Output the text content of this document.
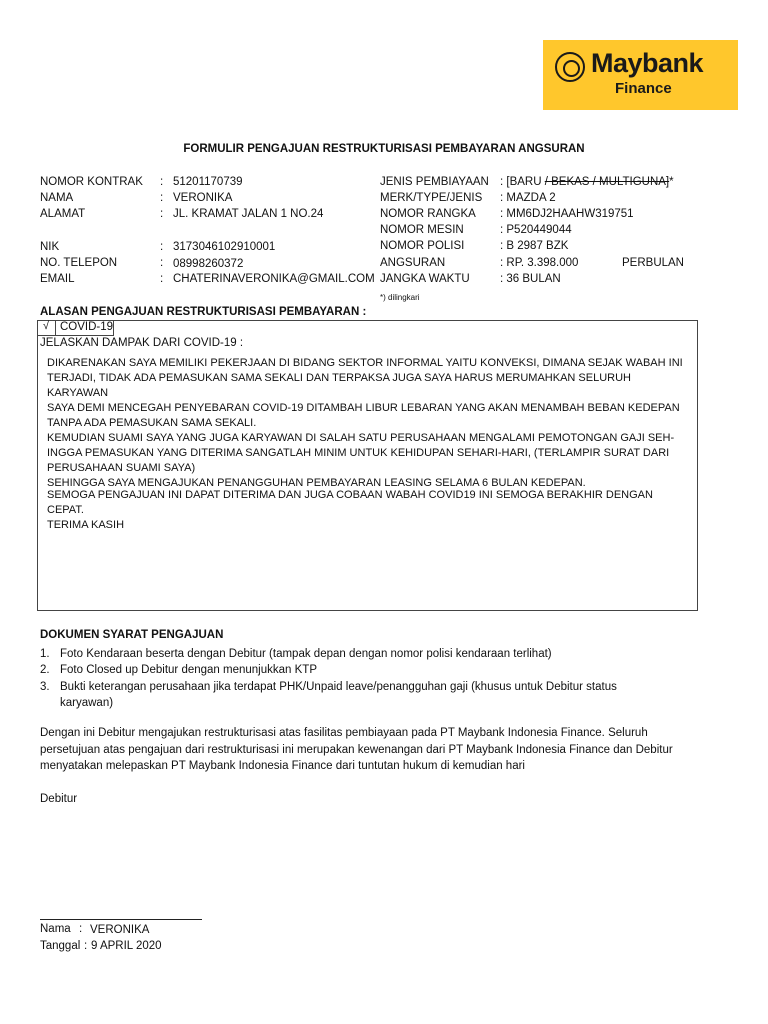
Maybank
Finance
FORMULIR PENGAJUAN RESTRUKTURISASI PEMBAYARAN ANGSURAN
NOMOR KONTRAK : 51201170739
NAMA	: VERONIKA
ALAMAT	: JL. KRAMAT JALAN 1 NO.24
NIK	: 3173046102910001
NO. TELEPON	: 08998260372
EMAIL	: CHATERINAVERONIKA@GMAIL.COM
JENIS PEMBIAYAAN : [BARU / BEKAS / MULTIGUNA]*
MERK/TYPE/JENIS : MAZDA 2
NOMOR RANGKA : MM6DJ2HAAHW319751
NOMOR MESIN	: P520449044
NOMOR POLISI	: B 2987 BZK
ANGSURAN	: RP. 3.398.000	PERBULAN
JANGKA WAKTU	: 36 BULAN
*) dilingkari
ALASAN PENGAJUAN RESTRUKTURISASI PEMBAYARAN :
√ COVID-19
JELASKAN DAMPAK DARI COVID-19 :
DIKARENAKAN SAYA MEMILIKI PEKERJAAN DI BIDANG SEKTOR INFORMAL YAITU KONVEKSI, DIMANA SEJAK WABAH INI
TERJADI, TIDAK ADA PEMASUKAN SAMA SEKALI DAN TERPAKSA JUGA SAYA HARUS MERUMAHKAN SELURUH KARYAWAN
SAYA DEMI MENCEGAH PENYEBARAN COVID-19 DITAMBAH LIBUR LEBARAN YANG AKAN MENAMBAH BEBAN KEDEPAN
TANPA ADA PEMASUKAN SAMA SEKALI.
KEMUDIAN SUAMI SAYA YANG JUGA KARYAWAN DI SALAH SATU PERUSAHAAN MENGALAMI PEMOTONGAN GAJI SEH-
INGGA PEMASUKAN YANG DITERIMA SANGATLAH MINIM UNTUK KEHIDUPAN SEHARI-HARI, (TERLAMPIR SURAT DARI
PERUSAHAAN SUAMI SAYA)
SEHINGGA SAYA MENGAJUKAN PENANGGUHAN PEMBAYARAN LEASING SELAMA 6 BULAN KEDEPAN.
SEMOGA PENGAJUAN INI DAPAT DITERIMA DAN JUGA COBAAN WABAH COVID19 INI SEMOGA BERAKHIR DENGAN
CEPAT.
TERIMA KASIH
DOKUMEN SYARAT PENGAJUAN
1. Foto Kendaraan beserta dengan Debitur (tampak depan dengan nomor polisi kendaraan terlihat)
2. Foto Closed up Debitur dengan menunjukkan KTP
3. Bukti keterangan perusahaan jika terdapat PHK/Unpaid leave/penangguhan gaji (khusus untuk Debitur status karyawan)
Dengan ini Debitur mengajukan restrukturisasi atas fasilitas pembiayaan pada PT Maybank Indonesia Finance. Seluruh persetujuan atas pengajuan dari restrukturisasi ini merupakan kewenangan dari PT Maybank Indonesia Finance dan Debitur menyatakan melepaskan PT Maybank Indonesia Finance dari tuntutan hukum di kemudian hari
Debitur
Nama : VERONIKA
Tanggal : 9 APRIL 2020
